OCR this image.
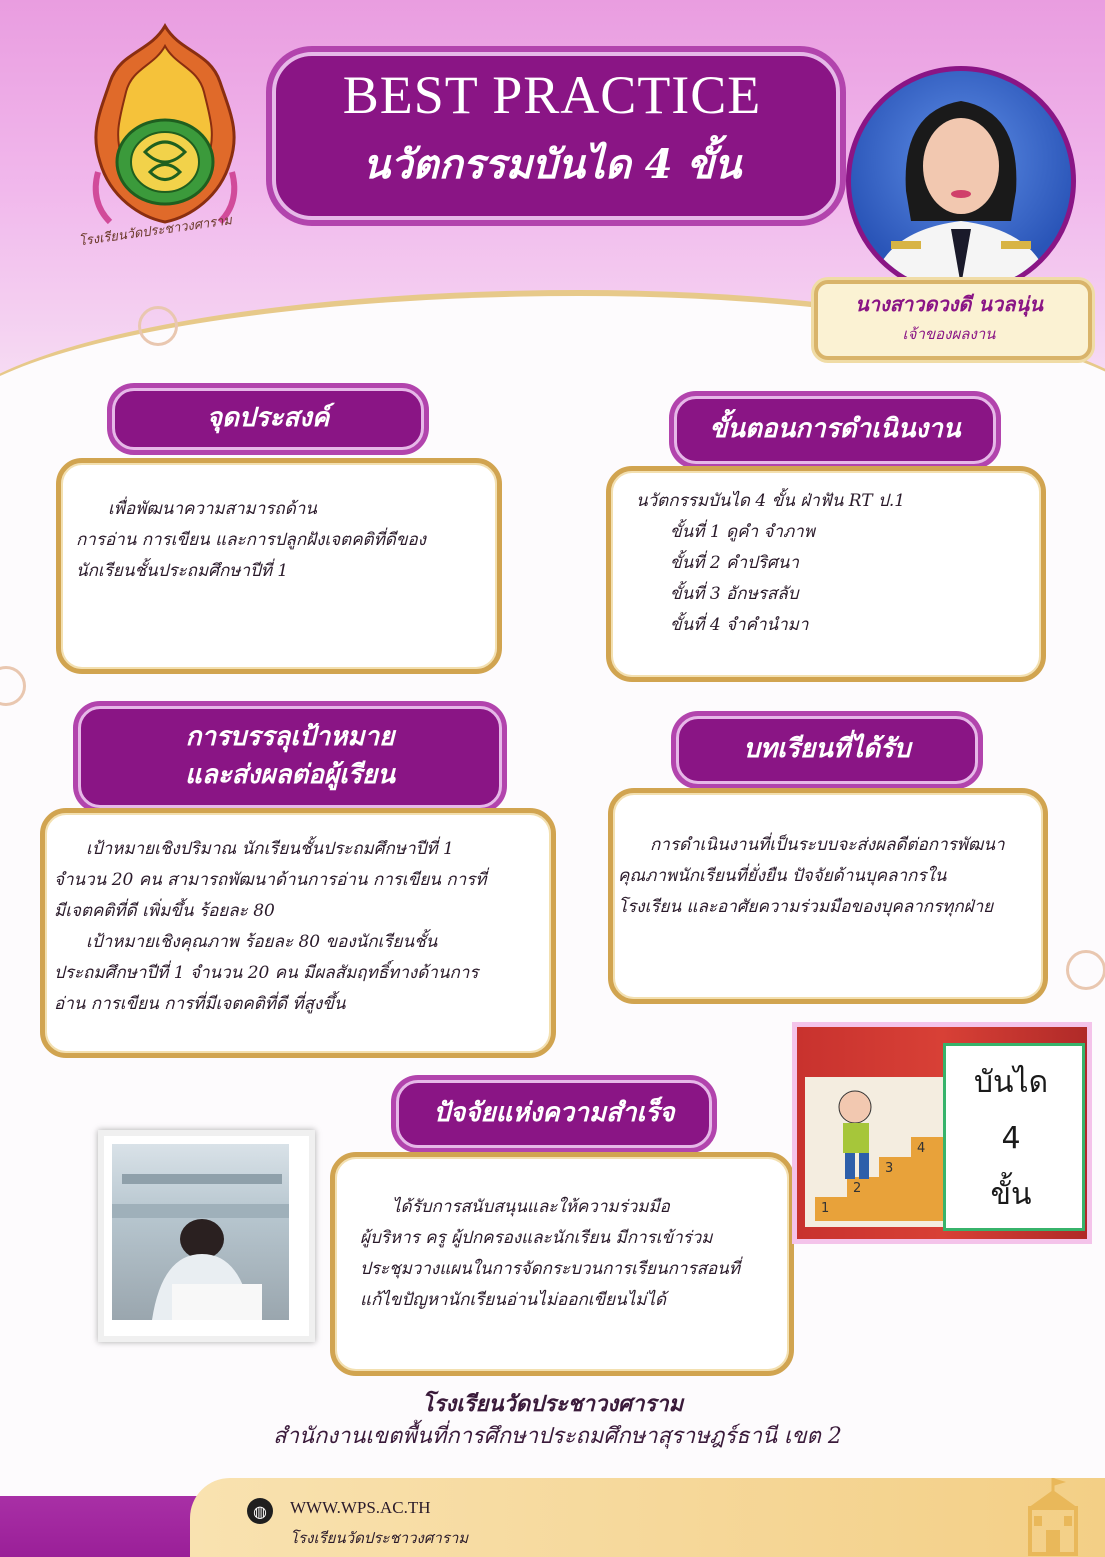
โรงเรียนวัดประชาวงศาราม
BEST PRACTICE
นวัตกรรมบันได 4 ขั้น
นางสาวดวงดี นวลนุ่น
เจ้าของผลงาน
จุดประสงค์

เพื่อพัฒนาความสามารถด้าน

การอ่าน การเขียน และการปลูกฝังเจตคติที่ดีของ

นักเรียนชั้นประถมศึกษาปีที่ 1

ขั้นตอนการดำเนินงาน

นวัตกรรมบันได 4 ขั้น ฝ่าฟัน RT ป.1

ขั้นที่ 1 ดูคำ จำภาพ

ขั้นที่ 2 คำปริศนา

ขั้นที่ 3 อักษรสลับ

ขั้นที่ 4 จำคำนำมา

การบรรลุเป้าหมาย
และส่งผลต่อผู้เรียน

เป้าหมายเชิงปริมาณ นักเรียนชั้นประถมศึกษาปีที่ 1

จำนวน 20 คน สามารถพัฒนาด้านการอ่าน การเขียน การที่

มีเจตคติที่ดี เพิ่มขึ้น ร้อยละ 80

เป้าหมายเชิงคุณภาพ ร้อยละ 80 ของนักเรียนชั้น

ประถมศึกษาปีที่ 1 จำนวน 20 คน มีผลสัมฤทธิ์ทางด้านการ

อ่าน การเขียน การที่มีเจตคติที่ดี ที่สูงขึ้น

บทเรียนที่ได้รับ

การดำเนินงานที่เป็นระบบจะส่งผลดีต่อการพัฒนา

คุณภาพนักเรียนที่ยั่งยืน ปัจจัยด้านบุคลากรใน

โรงเรียน และอาศัยความร่วมมือของบุคลากรทุกฝ่าย

ปัจจัยแห่งความสำเร็จ

ได้รับการสนับสนุนและให้ความร่วมมือ

ผู้บริหาร ครู ผู้ปกครองและนักเรียน มีการเข้าร่วม

ประชุมวางแผนในการจัดกระบวนการเรียนการสอนที่

แก้ไขปัญหานักเรียนอ่านไม่ออกเขียนไม่ได้

1
2
3
4
บันได
4
ขั้น
โรงเรียนวัดประชาวงศาราม
สำนักงานเขตพื้นที่การศึกษาประถมศึกษาสุราษฎร์ธานี เขต 2
◍	WWW.WPS.AC.TH
โรงเรียนวัดประชาวงศาราม
